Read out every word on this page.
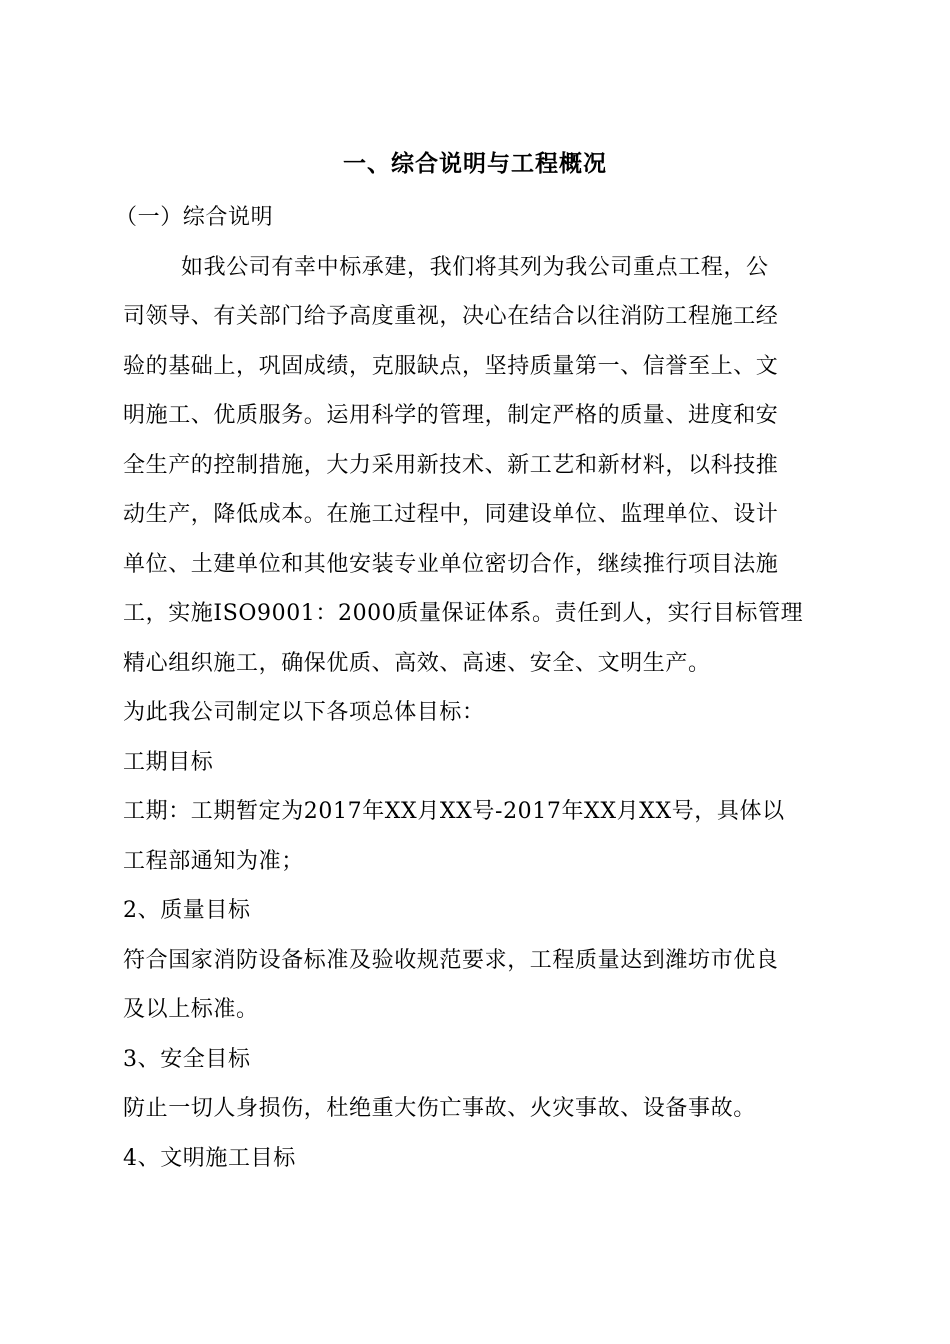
一、综合说明与工程概况
（一）综合说明
如我公司有幸中标承建，我们将其列为我公司重点工程，公
司领导、有关部门给予高度重视，决心在结合以往消防工程施工经
验的基础上，巩固成绩，克服缺点，坚持质量第一、信誉至上、文
明施工、优质服务。运用科学的管理，制定严格的质量、进度和安
全生产的控制措施，大力采用新技术、新工艺和新材料，以科技推
动生产，降低成本。在施工过程中，同建设单位、监理单位、设计
单位、土建单位和其他安装专业单位密切合作，继续推行项目法施
工，实施ISO9001：2000质量保证体系。责任到人，实行目标管理
精心组织施工，确保优质、高效、高速、安全、文明生产。
为此我公司制定以下各项总体目标：
工期目标
工期：工期暂定为2017年XX月XX号-2017年XX月XX号，具体以
工程部通知为准；
2、质量目标
符合国家消防设备标准及验收规范要求，工程质量达到潍坊市优良
及以上标准。
3、安全目标
防止一切人身损伤，杜绝重大伤亡事故、火灾事故、设备事故。
4、文明施工目标
